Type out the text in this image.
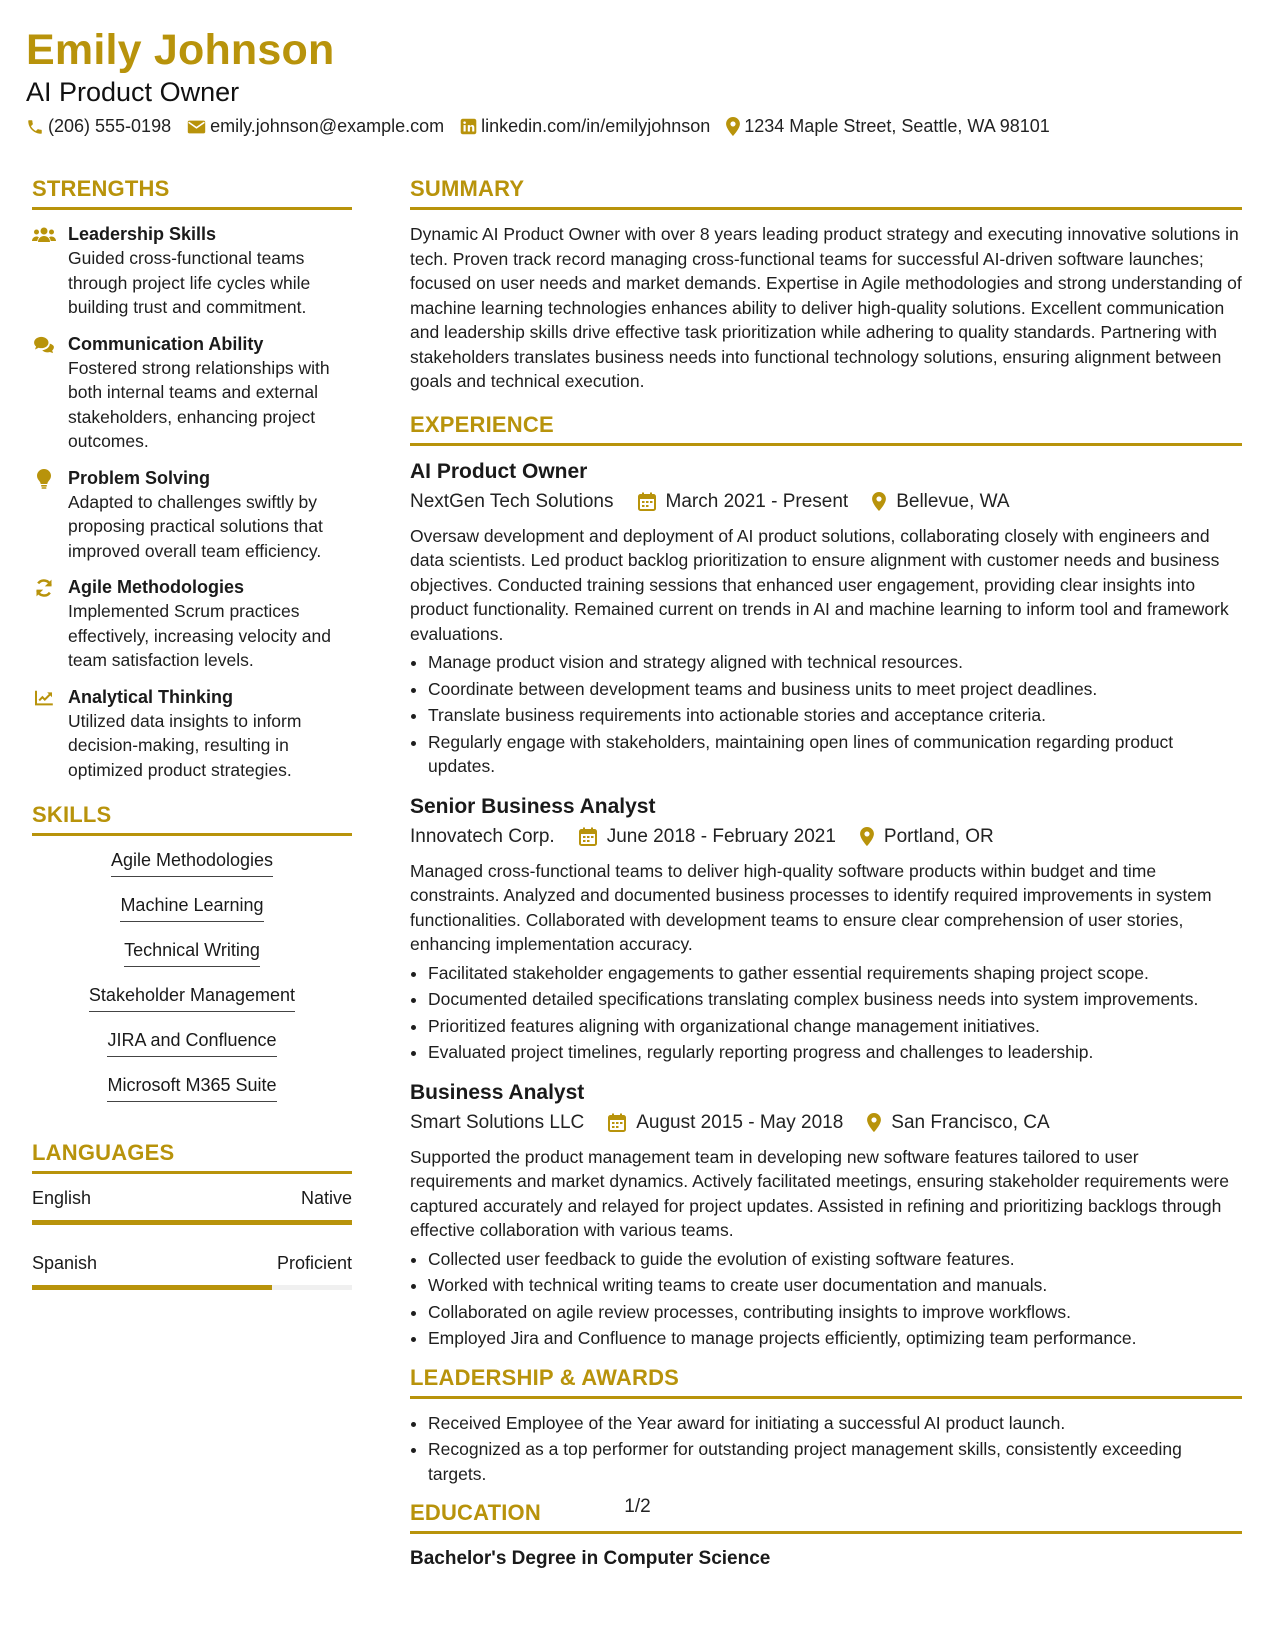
Emily Johnson
AI Product Owner
(206) 555-0198 emily.johnson@example.com linkedin.com/in/emilyjohnson 1234 Maple Street, Seattle, WA 98101
STRENGTHS
Leadership Skills
Guided cross-functional teams through project life cycles while building trust and commitment.
Communication Ability
Fostered strong relationships with both internal teams and external stakeholders, enhancing project outcomes.
Problem Solving
Adapted to challenges swiftly by proposing practical solutions that improved overall team efficiency.
Agile Methodologies
Implemented Scrum practices effectively, increasing velocity and team satisfaction levels.
Analytical Thinking
Utilized data insights to inform decision-making, resulting in optimized product strategies.
SKILLS
Agile Methodologies
Machine Learning
Technical Writing
Stakeholder Management
JIRA and Confluence
Microsoft M365 Suite
LANGUAGES
English	Native
Spanish	Proficient
SUMMARY

Dynamic AI Product Owner with over 8 years leading product strategy and executing innovative solutions in tech. Proven track record managing cross-functional teams for successful AI-driven software launches; focused on user needs and market demands. Expertise in Agile methodologies and strong understanding of machine learning technologies enhances ability to deliver high-quality solutions. Excellent communication and leadership skills drive effective task prioritization while adhering to quality standards. Partnering with stakeholders translates business needs into functional technology solutions, ensuring alignment between goals and technical execution.

EXPERIENCE
AI Product Owner
NextGen Tech Solutions	March 2021 - Present	Bellevue, WA

Oversaw development and deployment of AI product solutions, collaborating closely with engineers and data scientists. Led product backlog prioritization to ensure alignment with customer needs and business objectives. Conducted training sessions that enhanced user engagement, providing clear insights into product functionality. Remained current on trends in AI and machine learning to inform tool and framework evaluations.

• Manage product vision and strategy aligned with technical resources.
• Coordinate between development teams and business units to meet project deadlines.
• Translate business requirements into actionable stories and acceptance criteria.
• Regularly engage with stakeholders, maintaining open lines of communication regarding product updates.
Senior Business Analyst
Innovatech Corp.	June 2018 - February 2021	Portland, OR

Managed cross-functional teams to deliver high-quality software products within budget and time constraints. Analyzed and documented business processes to identify required improvements in system functionalities. Collaborated with development teams to ensure clear comprehension of user stories, enhancing implementation accuracy.

• Facilitated stakeholder engagements to gather essential requirements shaping project scope.
• Documented detailed specifications translating complex business needs into system improvements.
• Prioritized features aligning with organizational change management initiatives.
• Evaluated project timelines, regularly reporting progress and challenges to leadership.
Business Analyst
Smart Solutions LLC	August 2015 - May 2018	San Francisco, CA

Supported the product management team in developing new software features tailored to user requirements and market dynamics. Actively facilitated meetings, ensuring stakeholder requirements were captured accurately and relayed for project updates. Assisted in refining and prioritizing backlogs through effective collaboration with various teams.

• Collected user feedback to guide the evolution of existing software features.
• Worked with technical writing teams to create user documentation and manuals.
• Collaborated on agile review processes, contributing insights to improve workflows.
• Employed Jira and Confluence to manage projects efficiently, optimizing team performance.
LEADERSHIP & AWARDS
• Received Employee of the Year award for initiating a successful AI product launch.
• Recognized as a top performer for outstanding project management skills, consistently exceeding targets.
EDUCATION
Bachelor's Degree in Computer Science
1/2
